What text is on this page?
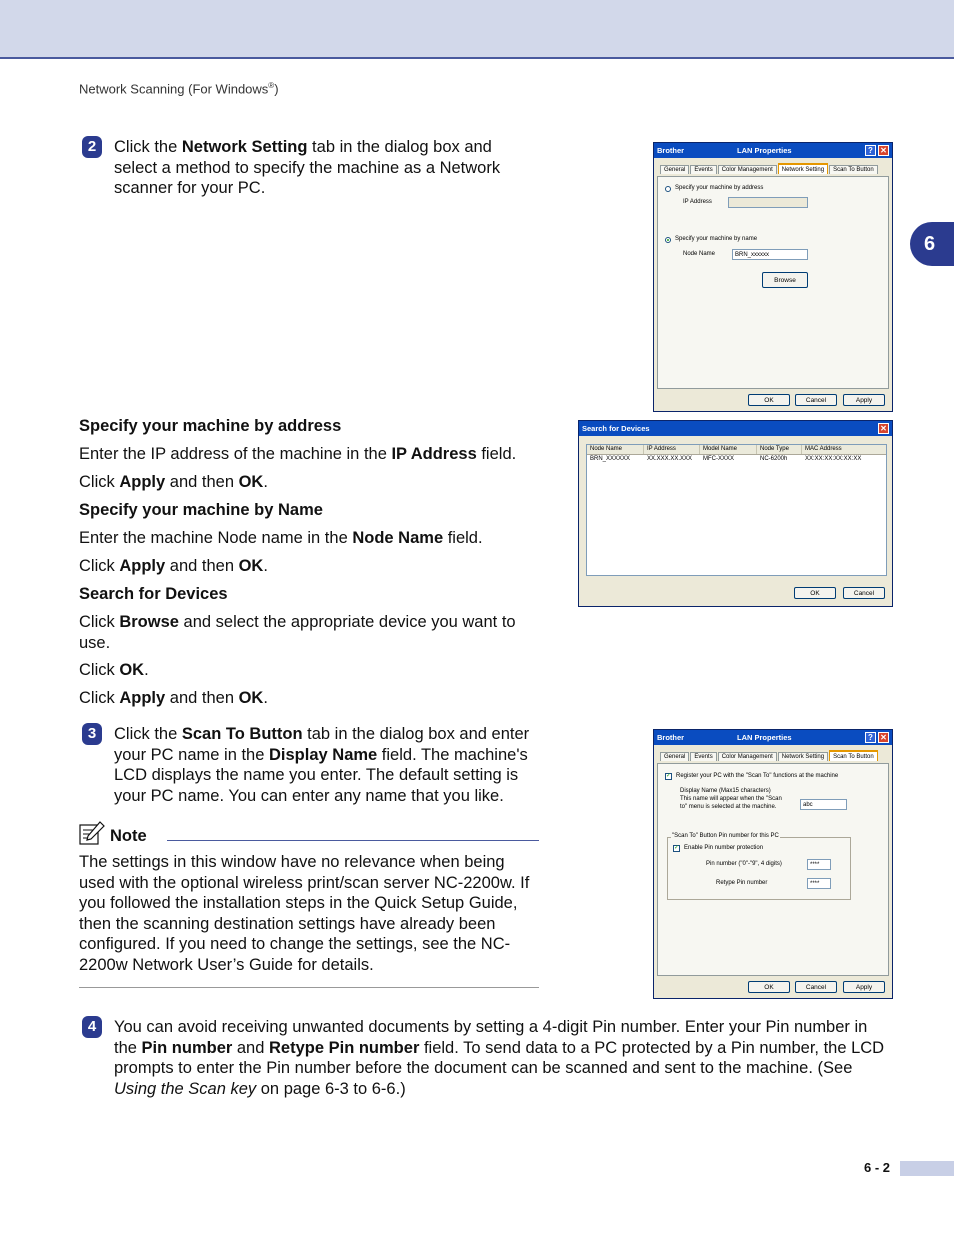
Network Scanning (For Windows®)
6
2	Click the Network Setting tab in the dialog box and select a method to specify the machine as a Network scanner for your PC.
Brother	LAN Properties	? ✕
General Events Color Management Network Setting Scan To Button
Specify your machine by address
IP Address
Specify your machine by name
Node Name	BRN_xxxxxx
Browse
OK	Cancel	Apply
Specify your machine by address
Enter the IP address of the machine in the IP Address field.
Click Apply and then OK.
Specify your machine by Name
Enter the machine Node name in the Node Name field.
Click Apply and then OK.
Search for Devices
Click Browse and select the appropriate device you want to use.
Click OK.
Click Apply and then OK.
Search for Devices	✕
Node Name	IP Address	Model Name	Node Type	MAC Address
BRN_XXXXXX	XX.XXX.XX.XXX	MFC-XXXX	NC-6200h	XX:XX:XX:XX:XX:XX
OK	Cancel
3	Click the Scan To Button tab in the dialog box and enter your PC name in the Display Name field. The machine's LCD displays the name you enter. The default setting is your PC name. You can enter any name that you like.
Note
The settings in this window have no relevance when being used with the optional wireless print/scan server NC-2200w. If you followed the installation steps in the Quick Setup Guide, then the scanning destination settings have already been configured. If you need to change the settings, see the NC-2200w Network User’s Guide for details.
Brother	LAN Properties	? ✕
General Events Color Management Network Setting Scan To Button
✓ Register your PC with the "Scan To" functions at the machine
Display Name (Max15 characters)
This name will appear when the "Scan
to" menu is selected at the machine.	abc
"Scan To" Button Pin number for this PC
✓ Enable Pin number protection
Pin number ("0"-"9", 4 digits)	****
Retype Pin number	****
OK	Cancel	Apply
4	You can avoid receiving unwanted documents by setting a 4-digit Pin number. Enter your Pin number in the Pin number and Retype Pin number field. To send data to a PC protected by a Pin number, the LCD prompts to enter the Pin number before the document can be scanned and sent to the machine. (See Using the Scan key on page 6-3 to 6-6.)
6 - 2
